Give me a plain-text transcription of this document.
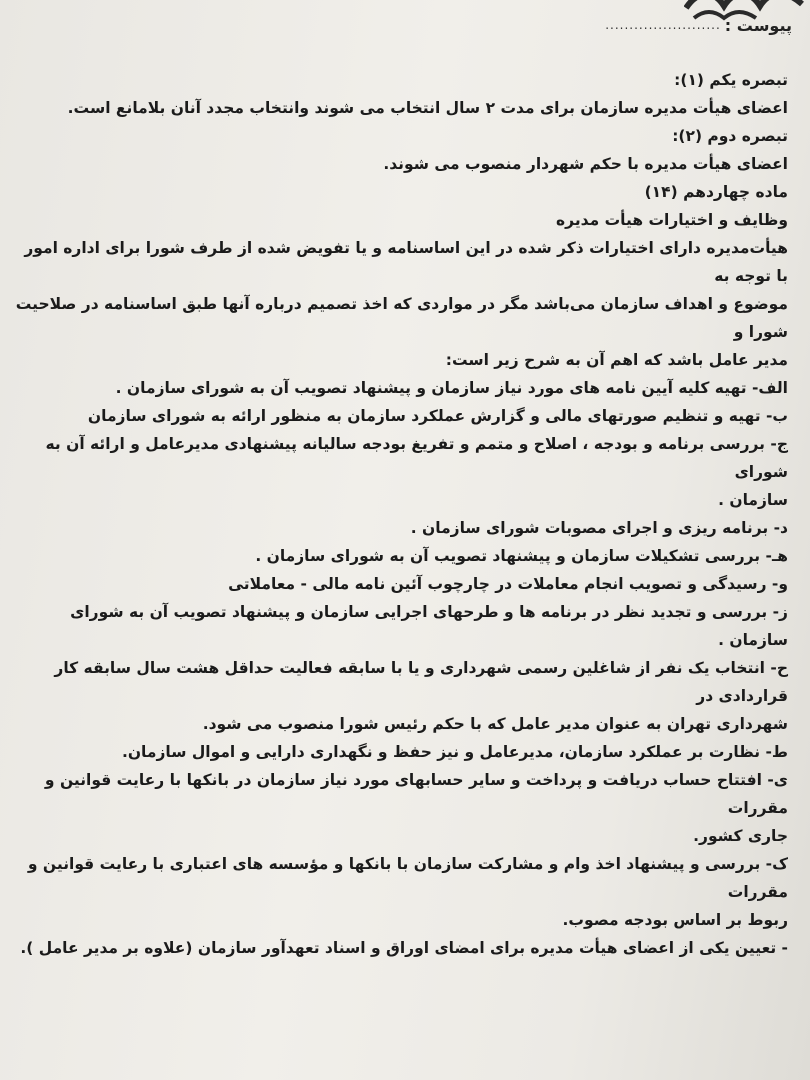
پیوست :
........................

تبصره یکم (۱):

اعضای هیأت مدیره سازمان برای مدت ۲ سال انتخاب می شوند وانتخاب مجدد آنان بلامانع است.

تبصره دوم (۲):

اعضای هیأت مدیره با حکم شهردار منصوب می شوند.

ماده چهاردهم (۱۴)

وظایف و اختیارات هیأت مدیره

هیأت‌مدیره دارای اختیارات ذکر شده در این اساسنامه و یا تفویض شده از طرف شورا برای اداره امور با توجه به

موضوع و اهداف سازمان می‌باشد مگر در مواردی که اخذ تصمیم درباره آنها طبق اساسنامه در صلاحیت شورا و

مدیر عامل باشد که اهم آن به شرح زیر است:

الف- تهیه کلیه آیین نامه های مورد نیاز سازمان و پیشنهاد تصویب آن به شورای سازمان .

ب- تهیه و تنظیم صورتهای مالی و گزارش عملکرد سازمان به منظور ارائه به شورای سازمان

ج- بررسی برنامه و بودجه ، اصلاح و متمم و تفریغ بودجه سالیانه پیشنهادی مدیرعامل و ارائه آن به شورای

سازمان .

د- برنامه ریزی و اجرای مصوبات شورای سازمان .

هـ- بررسی تشکیلات سازمان و پیشنهاد تصویب آن به شورای سازمان .

و- رسیدگی و تصویب انجام معاملات در چارچوب آئین نامه مالی - معاملاتی

ز- بررسی و تجدید نظر در برنامه ها و طرحهای اجرایی سازمان و پیشنهاد تصویب آن به شورای سازمان .

ح- انتخاب یک نفر از شاغلین رسمی شهرداری و یا با سابقه فعالیت حداقل هشت سال سابقه کار قراردادی در

شهرداری تهران به عنوان مدیر عامل که با حکم رئیس شورا منصوب می شود.

ط- نظارت بر عملکرد سازمان، مدیرعامل و نیز حفظ و نگهداری دارایی و اموال سازمان.

ی- افتتاح حساب دریافت و پرداخت و سایر حسابهای مورد نیاز سازمان در بانکها با رعایت قوانین و مقررات

جاری کشور.

ک- بررسی و پیشنهاد اخذ وام و مشارکت سازمان با بانکها و مؤسسه های اعتباری با رعایت قوانین و مقررات

ربوط بر اساس بودجه مصوب.

- تعیین یکی از اعضای هیأت مدیره برای امضای اوراق و اسناد تعهدآور سازمان (علاوه بر مدیر عامل ).
